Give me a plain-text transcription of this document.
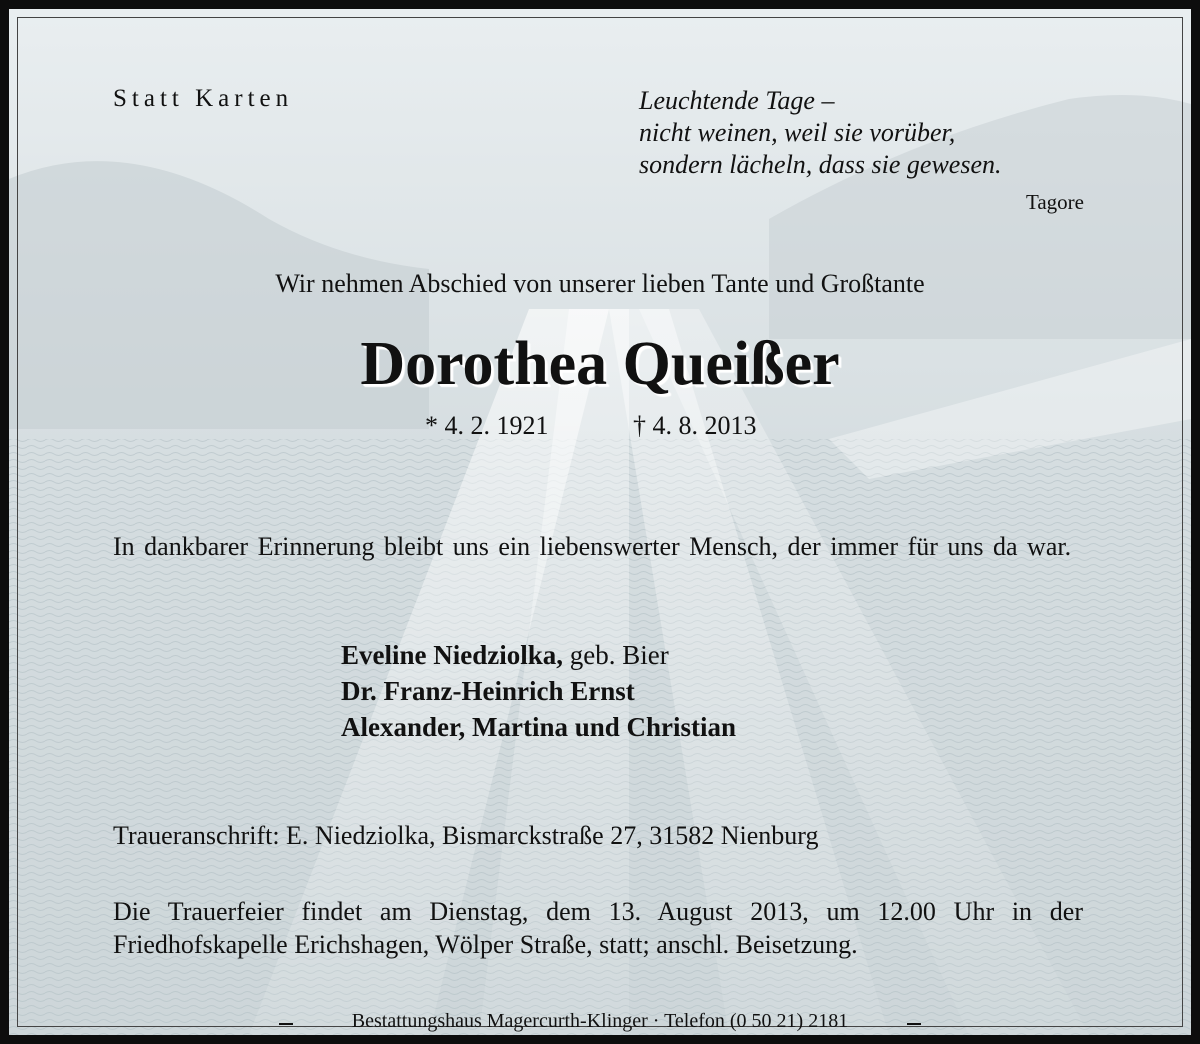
Statt Karten	Leuchtende Tage –
nicht weinen, weil sie vorüber,
sondern lächeln, dass sie gewesen.
Tagore
Wir nehmen Abschied von unserer lieben Tante und Großtante
Dorothea Queißer
* 4. 2. 1921	† 4. 8. 2013
In dankbarer Erinnerung bleibt uns ein liebenswerter Mensch, der immer für uns da war.
Eveline Niedziolka, geb. Bier
Dr. Franz-Heinrich Ernst
Alexander, Martina und Christian
Traueranschrift: E. Niedziolka, Bismarckstraße 27, 31582 Nienburg
Die Trauerfeier findet am Dienstag, dem 13. August 2013, um 12.00 Uhr in der Friedhofskapelle Erichshagen, Wölper Straße, statt; anschl. Beisetzung.
Bestattungshaus Magercurth-Klinger · Telefon (0 50 21) 2181
